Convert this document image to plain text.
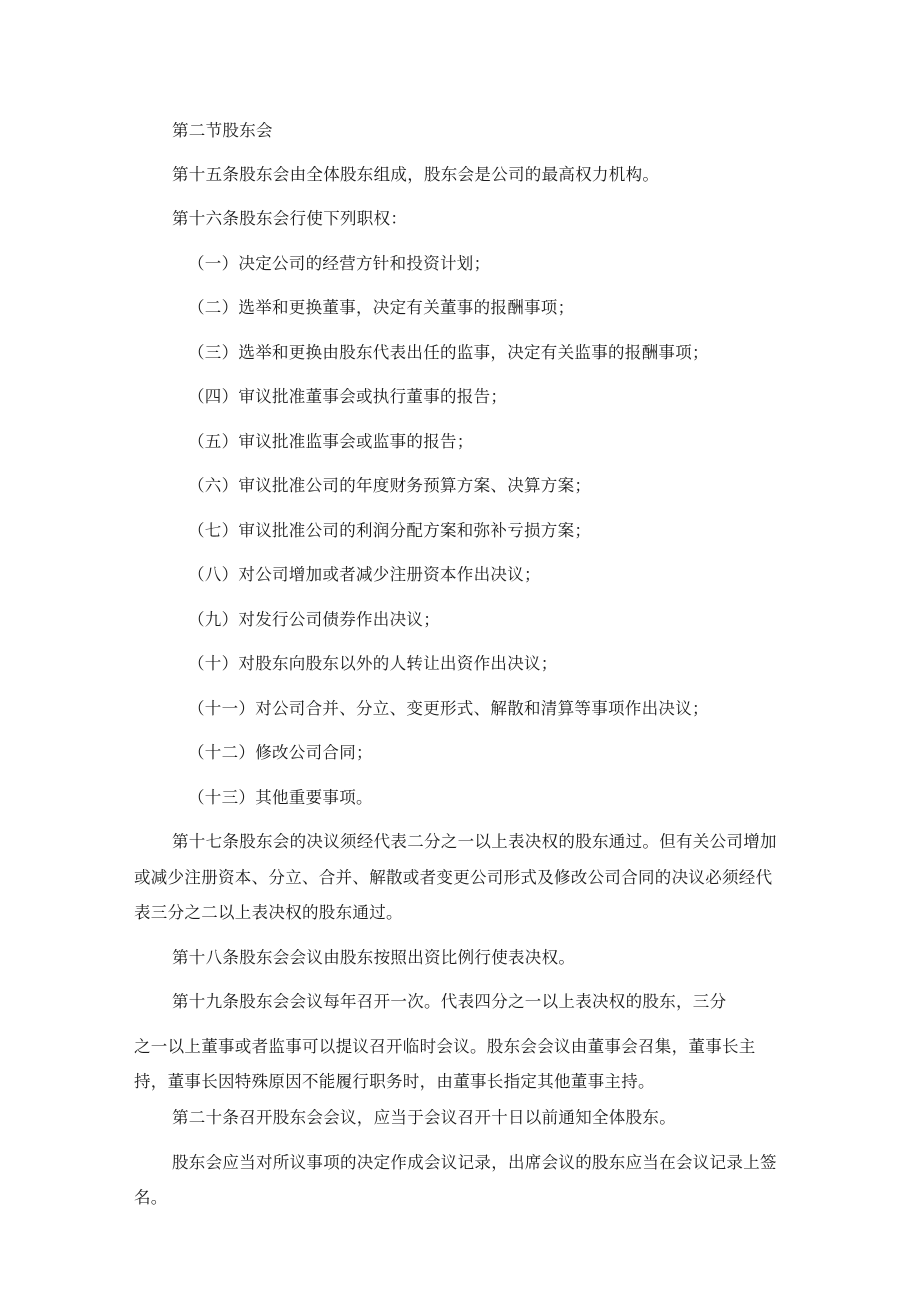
第二节股东会
第十五条股东会由全体股东组成，股东会是公司的最高权力机构。
第十六条股东会行使下列职权：
（一）决定公司的经营方针和投资计划；
（二）选举和更换董事，决定有关董事的报酬事项；
（三）选举和更换由股东代表出任的监事，决定有关监事的报酬事项；
（四）审议批准董事会或执行董事的报告；
（五）审议批准监事会或监事的报告；
（六）审议批准公司的年度财务预算方案、决算方案；
（七）审议批准公司的利润分配方案和弥补亏损方案；
（八）对公司增加或者减少注册资本作出决议；
（九）对发行公司债券作出决议；
（十）对股东向股东以外的人转让出资作出决议；
（十一）对公司合并、分立、变更形式、解散和清算等事项作出决议；
（十二）修改公司合同；
（十三）其他重要事项。
第十七条股东会的决议须经代表二分之一以上表决权的股东通过。但有关公司增加
或减少注册资本、分立、合并、解散或者变更公司形式及修改公司合同的决议必须经代
表三分之二以上表决权的股东通过。
第十八条股东会会议由股东按照出资比例行使表决权。
第十九条股东会会议每年召开一次。代表四分之一以上表决权的股东，三分
之一以上董事或者监事可以提议召开临时会议。股东会会议由董事会召集，董事长主
持，董事长因特殊原因不能履行职务时，由董事长指定其他董事主持。
第二十条召开股东会会议，应当于会议召开十日以前通知全体股东。
股东会应当对所议事项的决定作成会议记录，出席会议的股东应当在会议记录上签
名。
